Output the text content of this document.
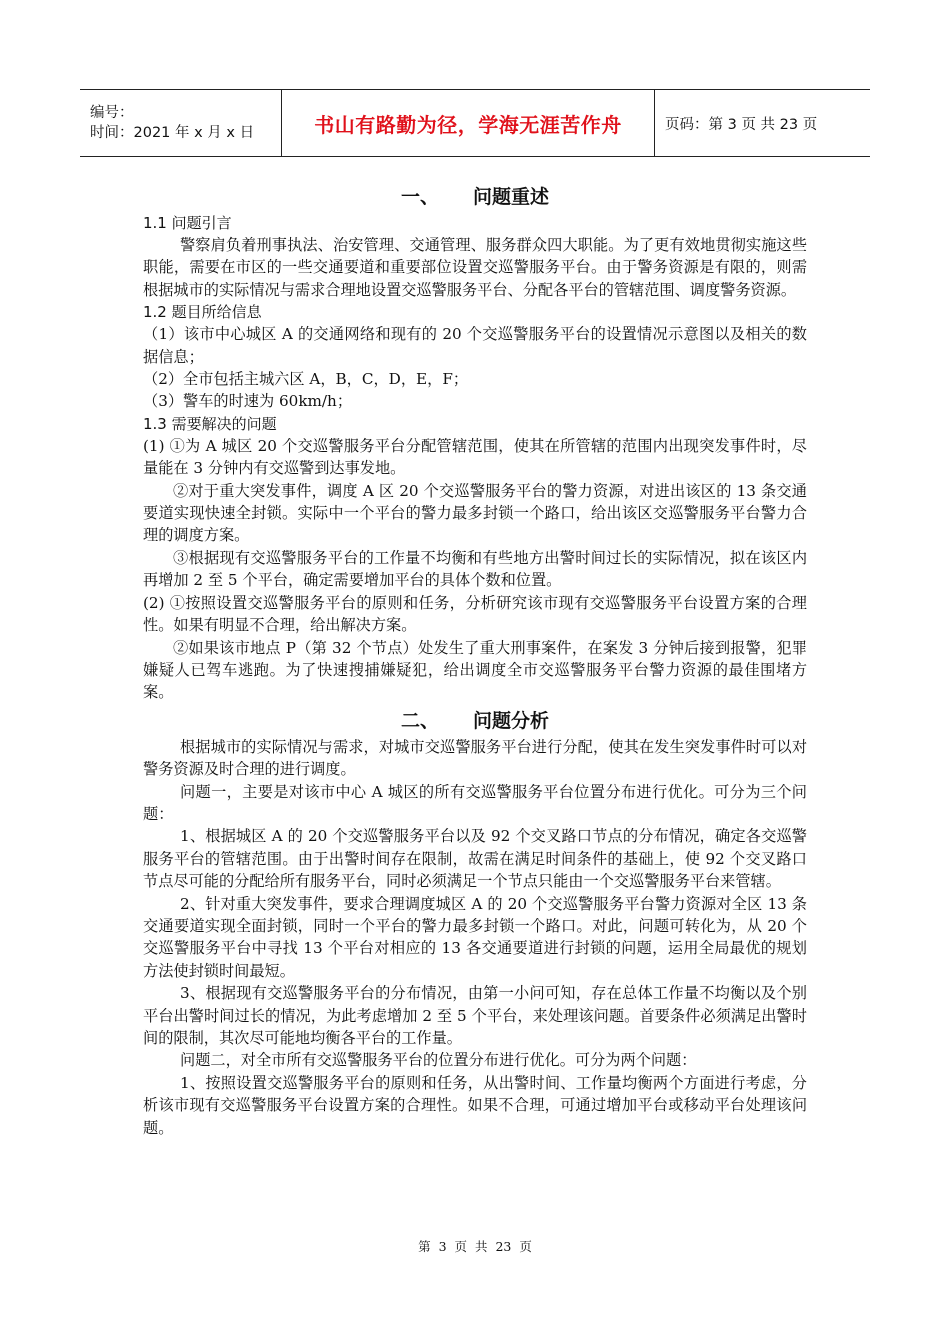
编号：
时间：2021 年 x 月 x 日	书山有路勤为径，学海无涯苦作舟	页码：第 3 页 共 23 页
一、 问题重述
1.1 问题引言

警察肩负着刑事执法、治安管理、交通管理、服务群众四大职能。为了更有效地贯彻实施这些职能，需要在市区的一些交通要道和重要部位设置交巡警服务平台。由于警务资源是有限的，则需根据城市的实际情况与需求合理地设置交巡警服务平台、分配各平台的管辖范围、调度警务资源。

1.2 题目所给信息

（1）该市中心城区 A 的交通网络和现有的 20 个交巡警服务平台的设置情况示意图以及相关的数据信息；

（2）全市包括主城六区 A，B，C，D，E，F；

（3）警车的时速为 60km/h；

1.3 需要解决的问题

(1) ①为 A 城区 20 个交巡警服务平台分配管辖范围，使其在所管辖的范围内出现突发事件时，尽量能在 3 分钟内有交巡警到达事发地。

②对于重大突发事件，调度 A 区 20 个交巡警服务平台的警力资源，对进出该区的 13 条交通要道实现快速全封锁。实际中一个平台的警力最多封锁一个路口，给出该区交巡警服务平台警力合理的调度方案。

③根据现有交巡警服务平台的工作量不均衡和有些地方出警时间过长的实际情况，拟在该区内再增加 2 至 5 个平台，确定需要增加平台的具体个数和位置。

(2) ①按照设置交巡警服务平台的原则和任务，分析研究该市现有交巡警服务平台设置方案的合理性。如果有明显不合理，给出解决方案。

②如果该市地点 P（第 32 个节点）处发生了重大刑事案件，在案发 3 分钟后接到报警，犯罪嫌疑人已驾车逃跑。为了快速搜捕嫌疑犯，给出调度全市交巡警服务平台警力资源的最佳围堵方案。

二、 问题分析

根据城市的实际情况与需求，对城市交巡警服务平台进行分配，使其在发生突发事件时可以对警务资源及时合理的进行调度。

问题一，主要是对该市中心 A 城区的所有交巡警服务平台位置分布进行优化。可分为三个问题：

1、根据城区 A 的 20 个交巡警服务平台以及 92 个交叉路口节点的分布情况，确定各交巡警服务平台的管辖范围。由于出警时间存在限制，故需在满足时间条件的基础上，使 92 个交叉路口节点尽可能的分配给所有服务平台，同时必须满足一个节点只能由一个交巡警服务平台来管辖。

2、针对重大突发事件，要求合理调度城区 A 的 20 个交巡警服务平台警力资源对全区 13 条交通要道实现全面封锁，同时一个平台的警力最多封锁一个路口。对此，问题可转化为，从 20 个交巡警服务平台中寻找 13 个平台对相应的 13 各交通要道进行封锁的问题，运用全局最优的规划方法使封锁时间最短。

3、根据现有交巡警服务平台的分布情况，由第一小问可知，存在总体工作量不均衡以及个别平台出警时间过长的情况，为此考虑增加 2 至 5 个平台，来处理该问题。首要条件必须满足出警时间的限制，其次尽可能地均衡各平台的工作量。

问题二，对全市所有交巡警服务平台的位置分布进行优化。可分为两个问题：

1、按照设置交巡警服务平台的原则和任务，从出警时间、工作量均衡两个方面进行考虑，分析该市现有交巡警服务平台设置方案的合理性。如果不合理，可通过增加平台或移动平台处理该问题。

第 3 页 共 23 页
